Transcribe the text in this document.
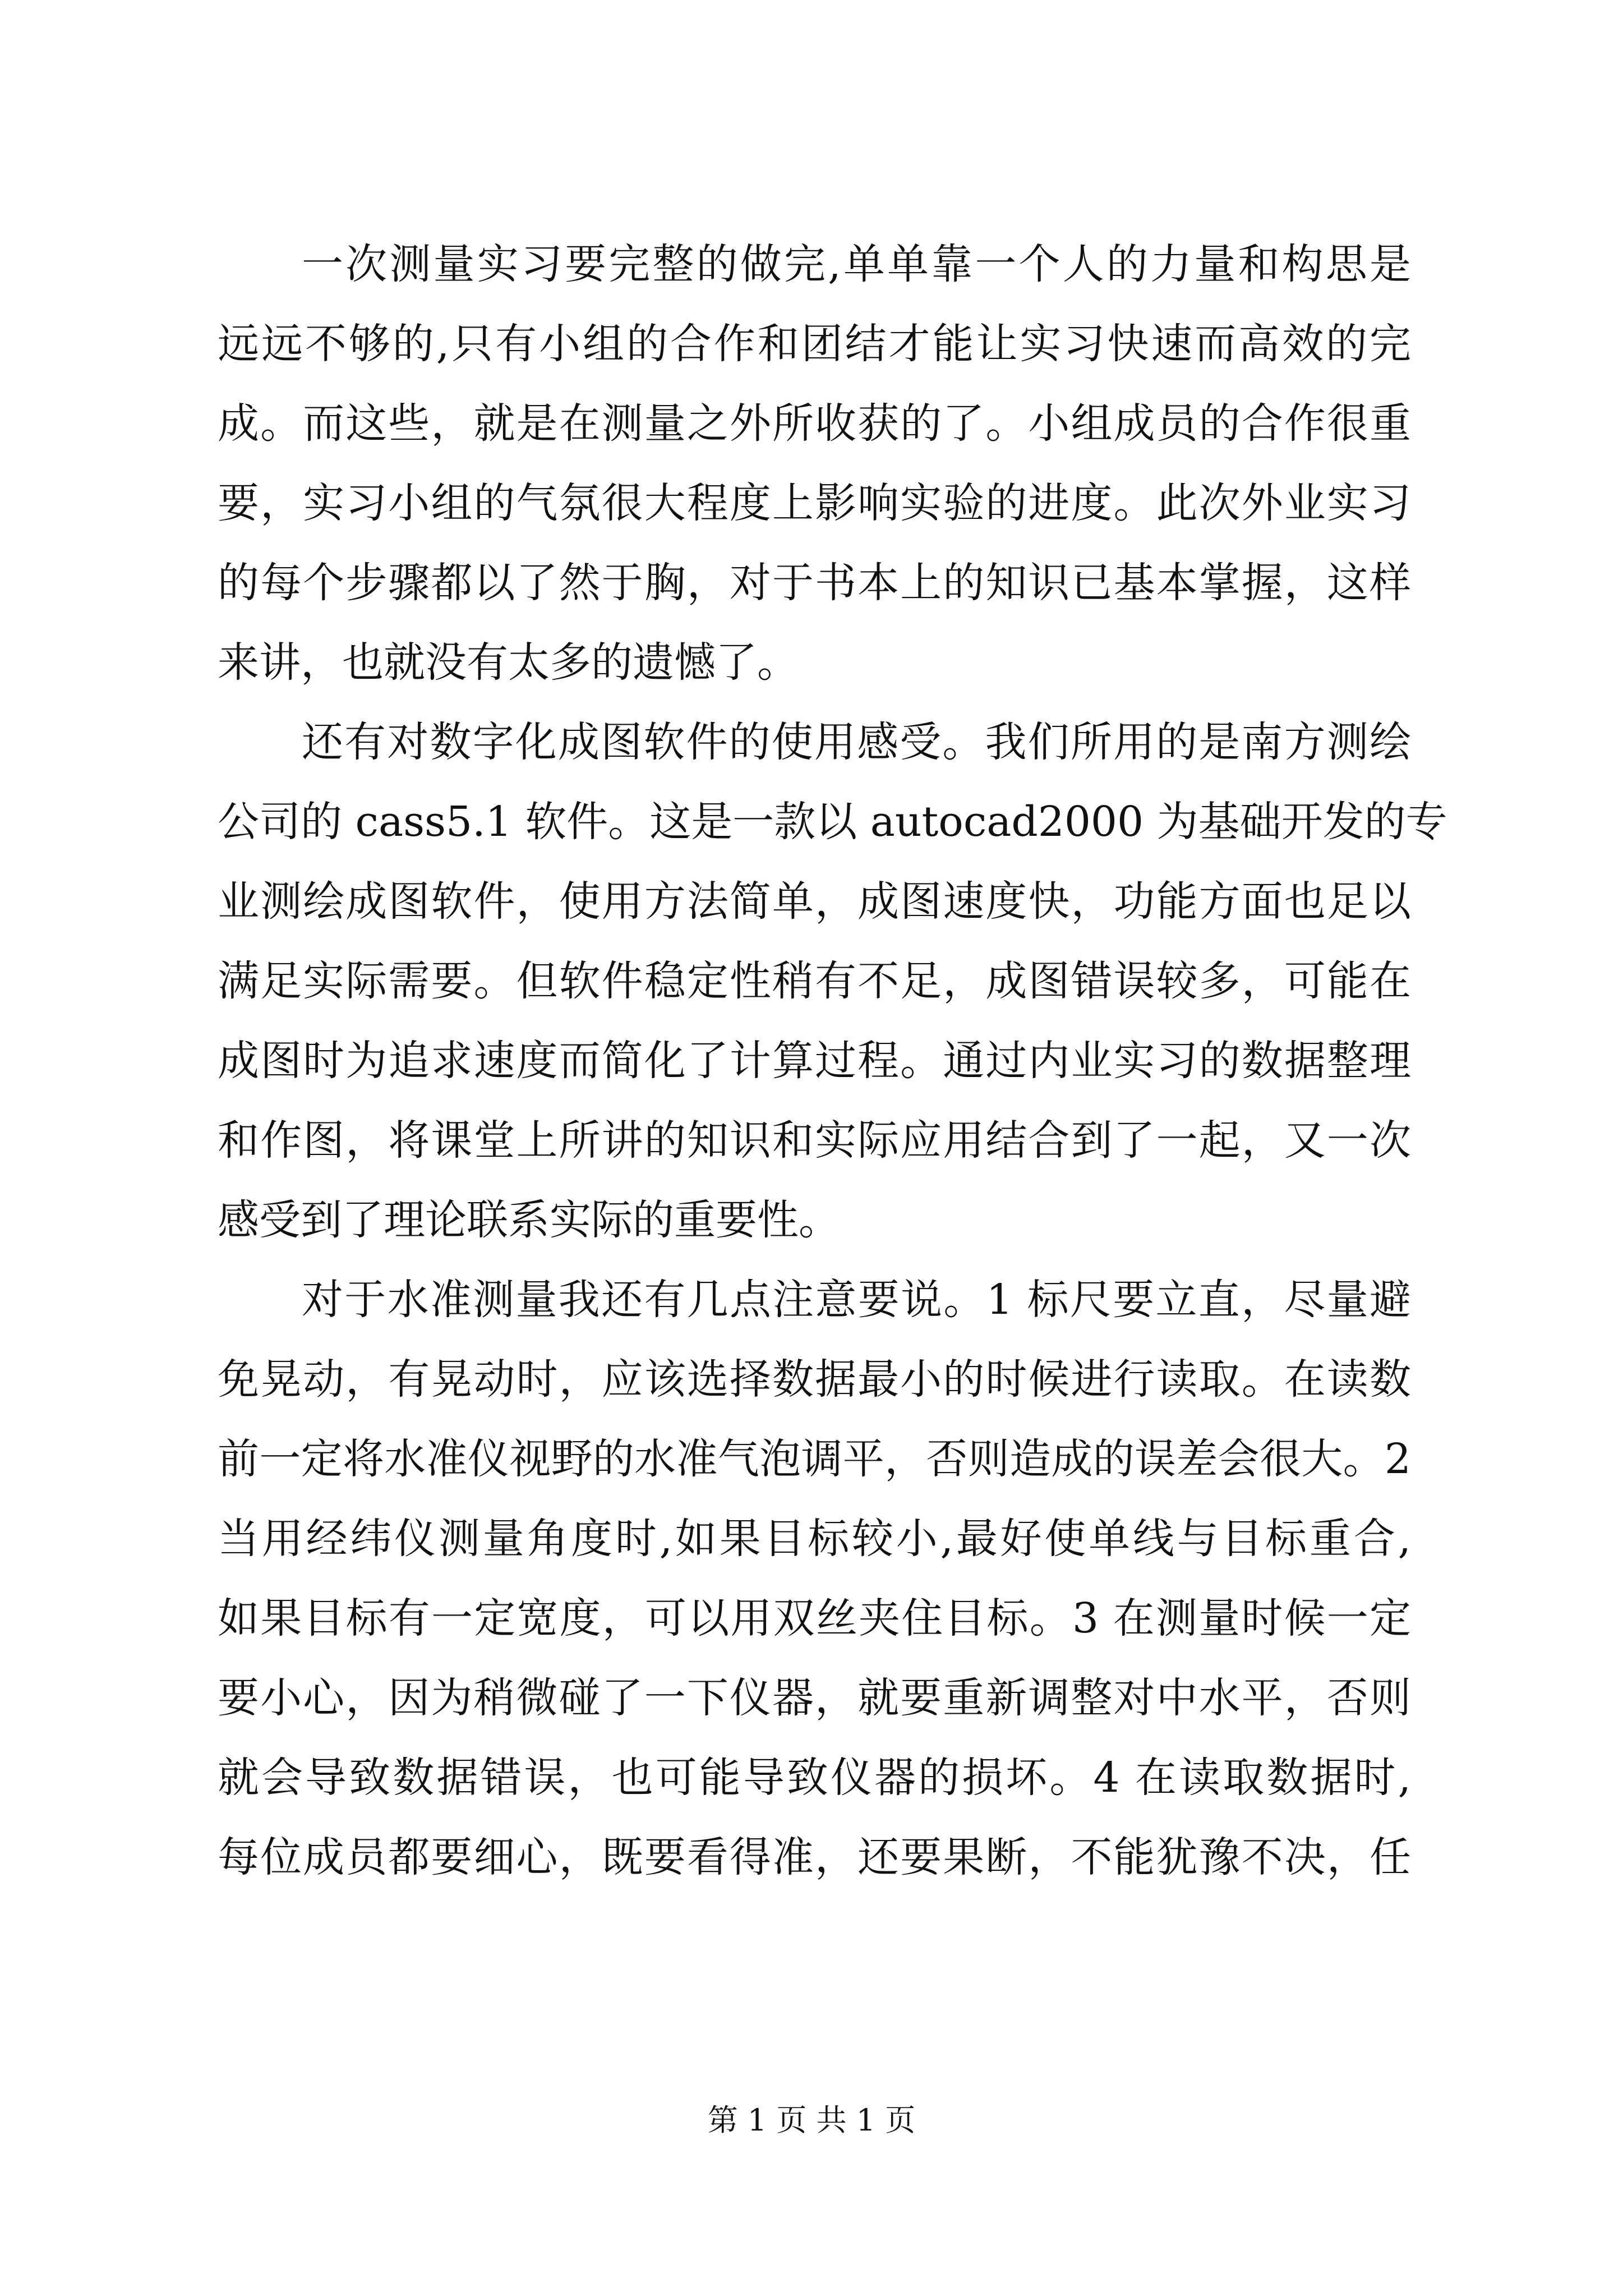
一次测量实习要完整的做完,单单靠一个人的力量和构思是
远远不够的,只有小组的合作和团结才能让实习快速而高效的完
成。而这些，就是在测量之外所收获的了。小组成员的合作很重
要，实习小组的气氛很大程度上影响实验的进度。此次外业实习
的每个步骤都以了然于胸，对于书本上的知识已基本掌握，这样
来讲，也就没有太多的遗憾了。
还有对数字化成图软件的使用感受。我们所用的是南方测绘
公司的 cass5.1 软件。这是一款以 autocad2000 为基础开发的专
业测绘成图软件，使用方法简单，成图速度快，功能方面也足以
满足实际需要。但软件稳定性稍有不足，成图错误较多，可能在
成图时为追求速度而简化了计算过程。通过内业实习的数据整理
和作图，将课堂上所讲的知识和实际应用结合到了一起，又一次
感受到了理论联系实际的重要性。
对于水准测量我还有几点注意要说。1 标尺要立直，尽量避
免晃动，有晃动时，应该选择数据最小的时候进行读取。在读数
前一定将水准仪视野的水准气泡调平，否则造成的误差会很大。2
当用经纬仪测量角度时,如果目标较小,最好使单线与目标重合,
如果目标有一定宽度，可以用双丝夹住目标。3 在测量时候一定
要小心，因为稍微碰了一下仪器，就要重新调整对中水平，否则
就会导致数据错误，也可能导致仪器的损坏。4 在读取数据时,
每位成员都要细心，既要看得准，还要果断，不能犹豫不决，任
第 1 页 共 1 页
